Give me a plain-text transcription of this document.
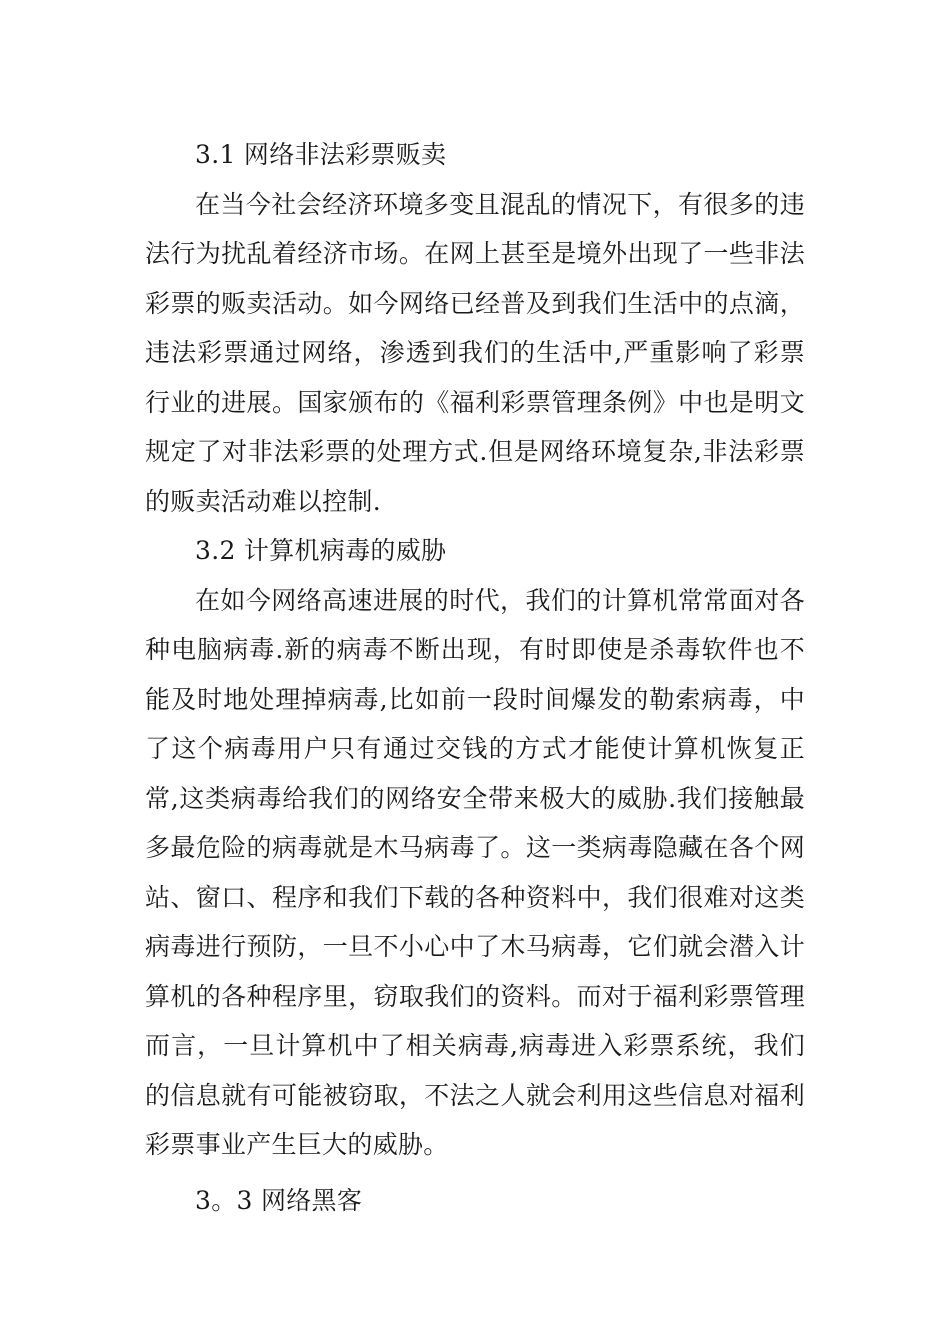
3.1 网络非法彩票贩卖

在当今社会经济环境多变且混乱的情况下，有很多的违法行为扰乱着经济市场。在网上甚至是境外出现了一些非法彩票的贩卖活动。如今网络已经普及到我们生活中的点滴，违法彩票通过网络，渗透到我们的生活中,严重影响了彩票行业的进展。国家颁布的《福利彩票管理条例》中也是明文规定了对非法彩票的处理方式.但是网络环境复杂,非法彩票的贩卖活动难以控制.

3.2 计算机病毒的威胁

在如今网络高速进展的时代，我们的计算机常常面对各种电脑病毒.新的病毒不断出现，有时即使是杀毒软件也不能及时地处理掉病毒,比如前一段时间爆发的勒索病毒，中了这个病毒用户只有通过交钱的方式才能使计算机恢复正常,这类病毒给我们的网络安全带来极大的威胁.我们接触最多最危险的病毒就是木马病毒了。这一类病毒隐藏在各个网站、窗口、程序和我们下载的各种资料中，我们很难对这类病毒进行预防，一旦不小心中了木马病毒，它们就会潜入计算机的各种程序里，窃取我们的资料。而对于福利彩票管理而言，一旦计算机中了相关病毒,病毒进入彩票系统，我们的信息就有可能被窃取，不法之人就会利用这些信息对福利彩票事业产生巨大的威胁。

3。3 网络黑客
